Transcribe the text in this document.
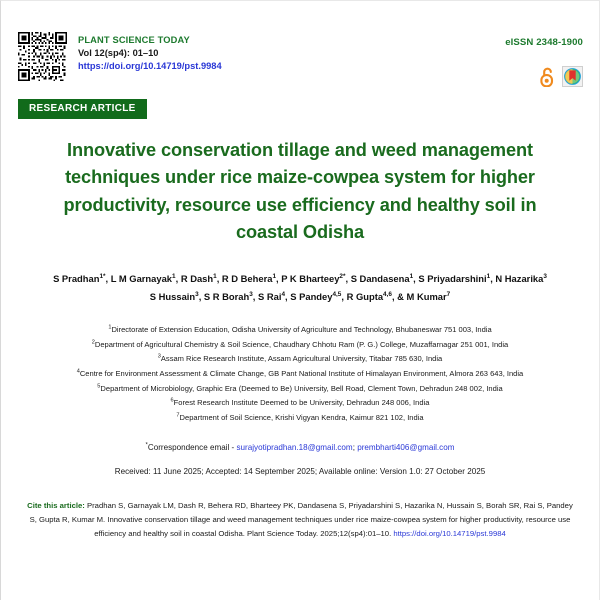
PLANT SCIENCE TODAY
Vol 12(sp4): 01–10
https://doi.org/10.14719/pst.9984
eISSN 2348-1900
RESEARCH ARTICLE
Innovative conservation tillage and weed management techniques under rice maize-cowpea system for higher productivity, resource use efficiency and healthy soil in coastal Odisha
S Pradhan$^{1*}$, L M Garnayak$^1$, R Dash$^1$, R D Behera$^1$, P K Bharteey$^{2*}$, S Dandasena$^1$, S Priyadarshini$^1$, N Hazarika$^3$
S Hussain$^3$, S R Borah$^3$, S Rai$^4$, S Pandey$^{4,5}$, R Gupta$^{4,6}$, & M Kumar$^7$
$^1$Directorate of Extension Education, Odisha University of Agriculture and Technology, Bhubaneswar 751 003, India
$^2$Department of Agricultural Chemistry & Soil Science, Chaudhary Chhotu Ram (P. G.) College, Muzaffarnagar 251 001, India
$^3$Assam Rice Research Institute, Assam Agricultural University, Titabar 785 630, India
$^4$Centre for Environment Assessment & Climate Change, GB Pant National Institute of Himalayan Environment, Almora 263 643, India
$^5$Department of Microbiology, Graphic Era (Deemed to Be) University, Bell Road, Clement Town, Dehradun 248 002, India
$^6$Forest Research Institute Deemed to be University, Dehradun 248 006, India
$^7$Department of Soil Science, Krishi Vigyan Kendra, Kaimur 821 102, India
*Correspondence email - surajyotipradhan.18@gmail.com; prembharti406@gmail.com
Received: 11 June 2025; Accepted: 14 September 2025; Available online: Version 1.0: 27 October 2025
Cite this article: Pradhan S, Garnayak LM, Dash R, Behera RD, Bharteey PK, Dandasena S, Priyadarshini S, Hazarika N, Hussain S, Borah SR, Rai S, Pandey S, Gupta R, Kumar M. Innovative conservation tillage and weed management techniques under rice maize-cowpea system for higher productivity, resource use efficiency and healthy soil in coastal Odisha. Plant Science Today. 2025;12(sp4):01–10. https://doi.org/10.14719/pst.9984
